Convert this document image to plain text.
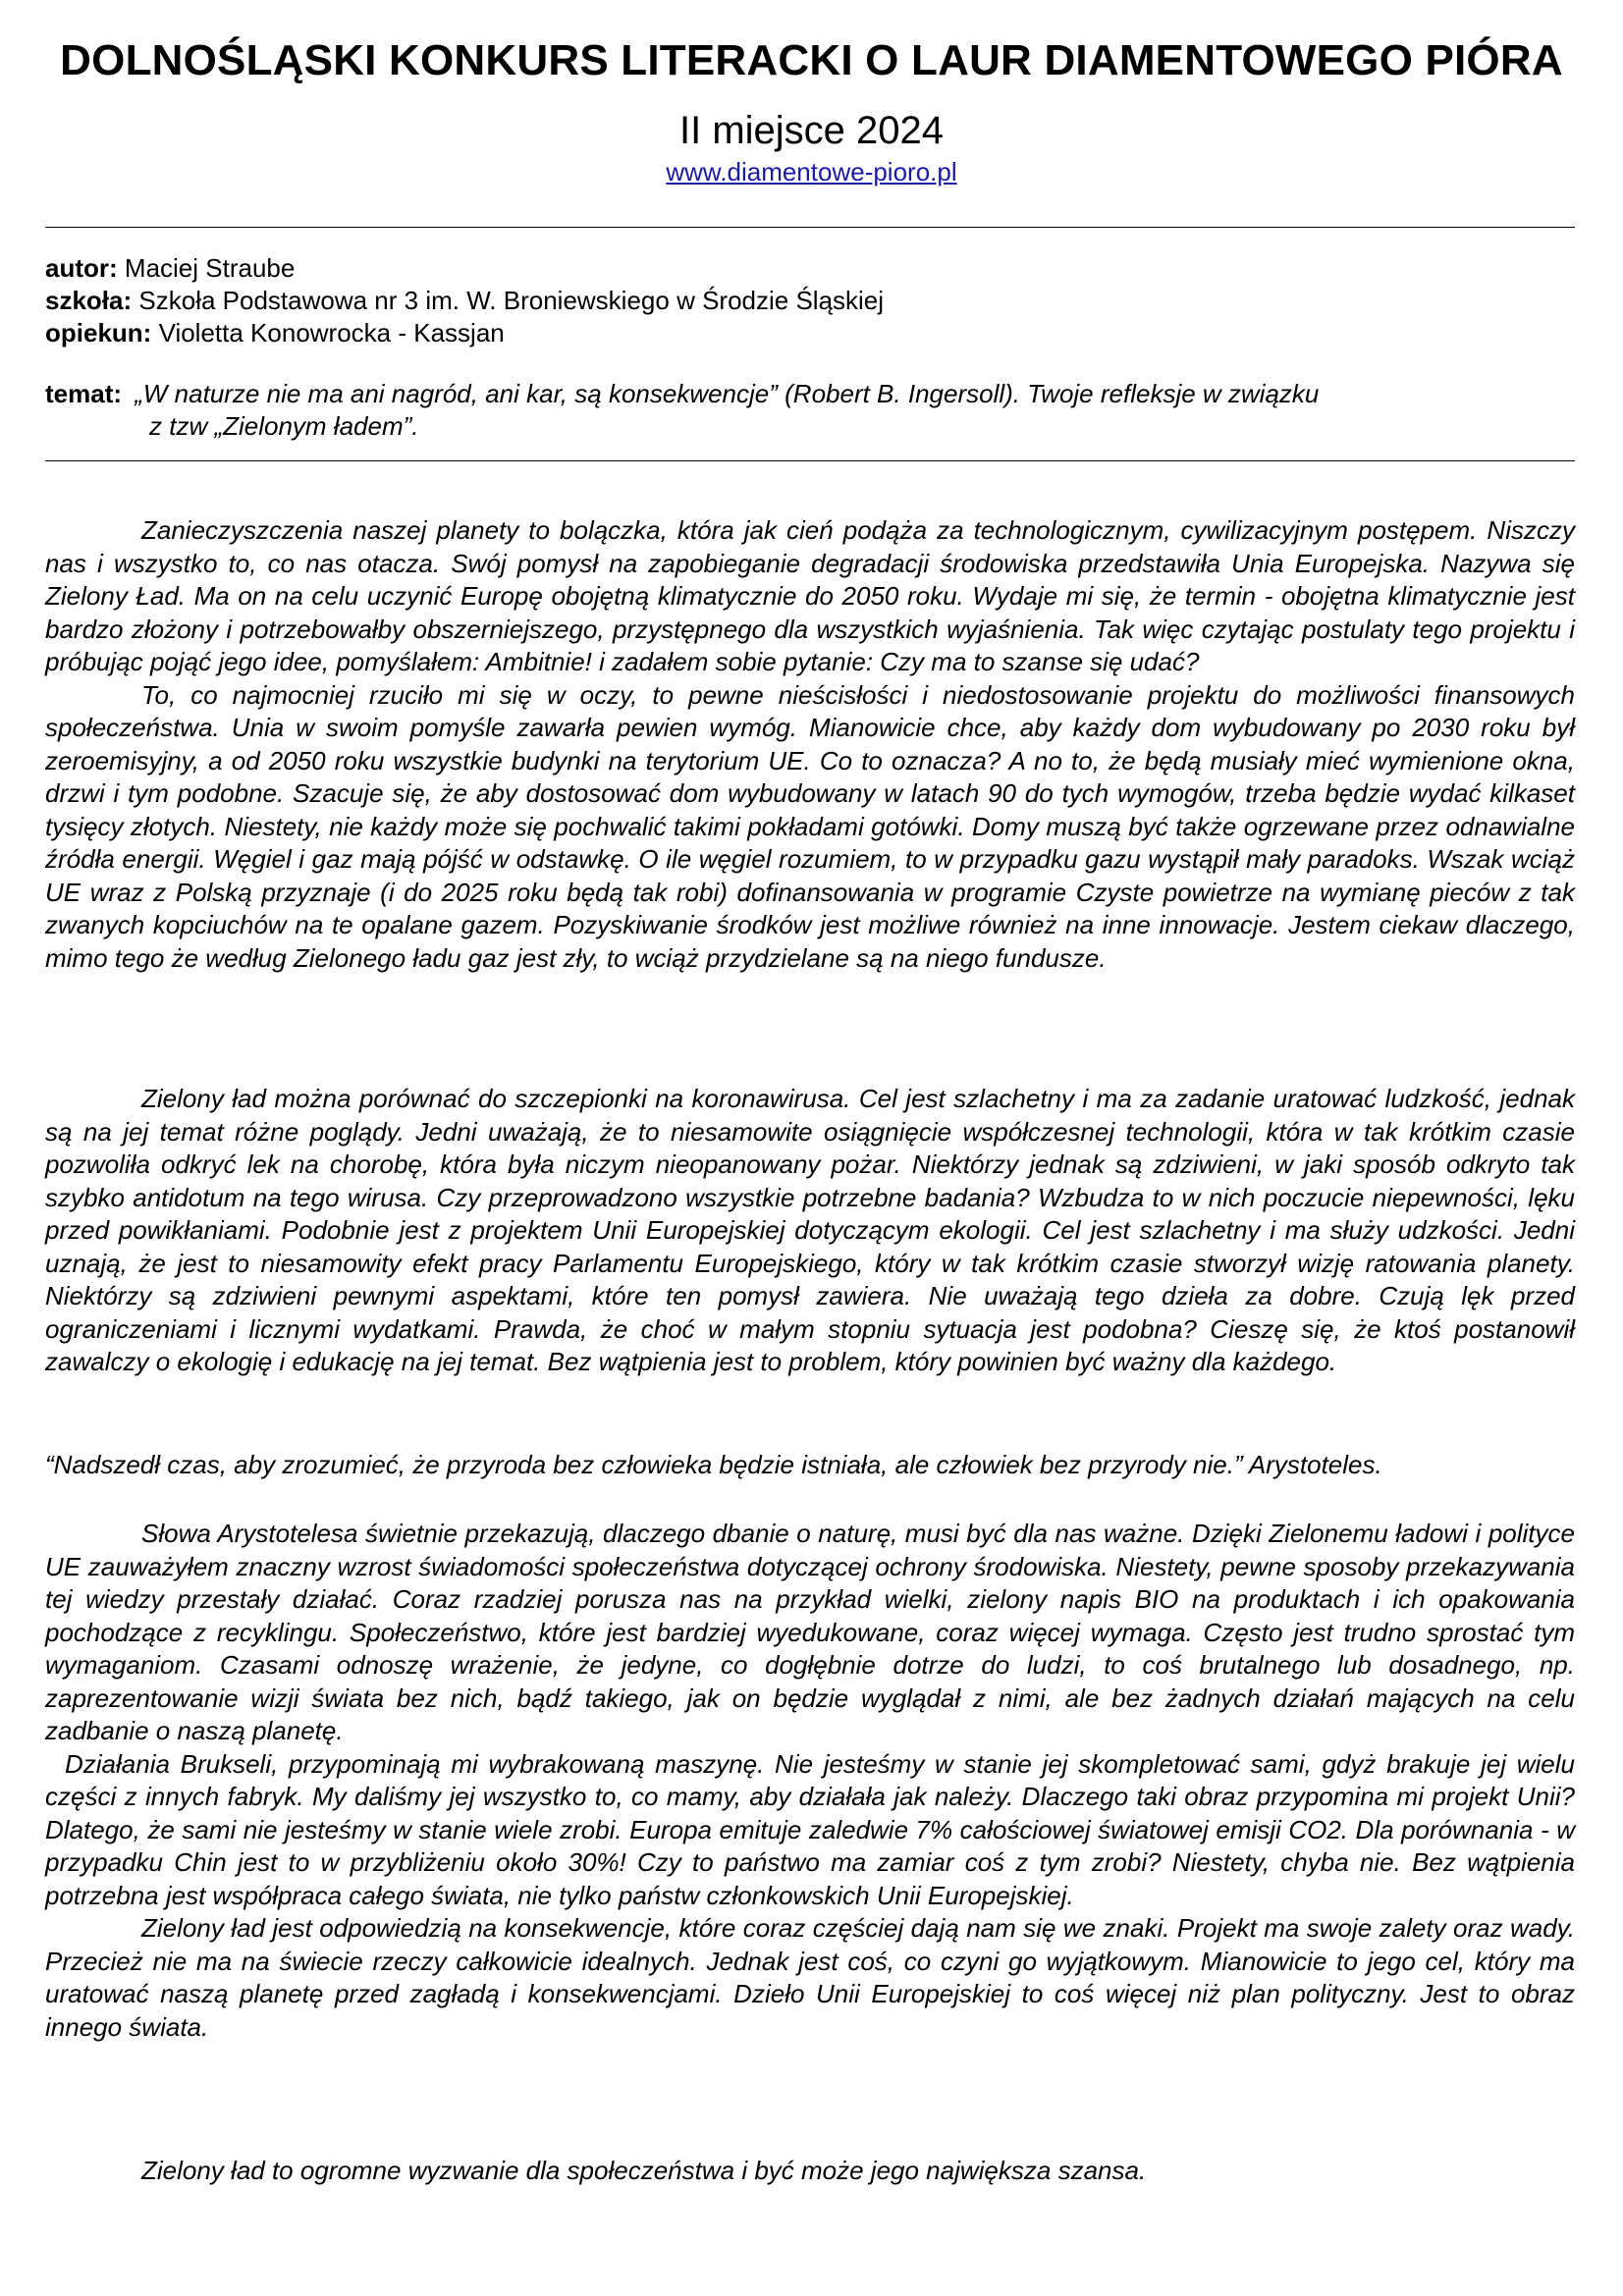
DOLNOŚLĄSKI KONKURS LITERACKI O LAUR DIAMENTOWEGO PIÓRA
II miejsce 2024
www.diamentowe-pioro.pl
autor: Maciej Straube
szkoła: Szkoła Podstawowa nr 3 im. W. Broniewskiego w Środzie Śląskiej
opiekun: Violetta Konowrocka - Kassjan
temat: „W naturze nie ma ani nagród, ani kar, są konsekwencje” (Robert B. Ingersoll). Twoje refleksje w związku
z tzw „Zielonym ładem”.

Zanieczyszczenia naszej planety to bolączka, która jak cień podąża za technologicznym, cywilizacyjnym postępem. Niszczy nas i wszystko to, co nas otacza. Swój pomysł na zapobieganie degradacji środowiska przedstawiła Unia Europejska. Nazywa się Zielony Ład. Ma on na celu uczynić Europę obojętną klimatycznie do 2050 roku. Wydaje mi się, że termin - obojętna klimatycznie jest bardzo złożony i potrzebowałby obszerniejszego, przystępnego dla wszystkich wyjaśnienia. Tak więc czytając postulaty tego projektu i próbując pojąć jego idee, pomyślałem: Ambitnie! i zadałem sobie pytanie: Czy ma to szanse się udać?

To, co najmocniej rzuciło mi się w oczy, to pewne nieścisłości i niedostosowanie projektu do możliwości finansowych społeczeństwa. Unia w swoim pomyśle zawarła pewien wymóg. Mianowicie chce, aby każdy dom wybudowany po 2030 roku był zeroemisyjny, a od 2050 roku wszystkie budynki na terytorium UE. Co to oznacza? A no to, że będą musiały mieć wymienione okna, drzwi i tym podobne. Szacuje się, że aby dostosować dom wybudowany w latach 90 do tych wymogów, trzeba będzie wydać kilkaset tysięcy złotych. Niestety, nie każdy może się pochwalić takimi pokładami gotówki. Domy muszą być także ogrzewane przez odnawialne źródła energii. Węgiel i gaz mają pójść w odstawkę. O ile węgiel rozumiem, to w przypadku gazu wystąpił mały paradoks. Wszak wciąż UE wraz z Polską przyznaje (i do 2025 roku będą tak robi) dofinansowania w programie Czyste powietrze na wymianę pieców z tak zwanych kopciuchów na te opalane gazem. Pozyskiwanie środków jest możliwe również na inne innowacje. Jestem ciekaw dlaczego, mimo tego że według Zielonego ładu gaz jest zły, to wciąż przydzielane są na niego fundusze.

Zielony ład można porównać do szczepionki na koronawirusa. Cel jest szlachetny i ma za zadanie uratować ludzkość, jednak są na jej temat różne poglądy. Jedni uważają, że to niesamowite osiągnięcie współczesnej technologii, która w tak krótkim czasie pozwoliła odkryć lek na chorobę, która była niczym nieopanowany pożar. Niektórzy jednak są zdziwieni, w jaki sposób odkryto tak szybko antidotum na tego wirusa. Czy przeprowadzono wszystkie potrzebne badania? Wzbudza to w nich poczucie niepewności, lęku przed powikłaniami. Podobnie jest z projektem Unii Europejskiej dotyczącym ekologii. Cel jest szlachetny i ma służy udzkości. Jedni uznają, że jest to niesamowity efekt pracy Parlamentu Europejskiego, który w tak krótkim czasie stworzył wizję ratowania planety. Niektórzy są zdziwieni pewnymi aspektami, które ten pomysł zawiera. Nie uważają tego dzieła za dobre. Czują lęk przed ograniczeniami i licznymi wydatkami. Prawda, że choć w małym stopniu sytuacja jest podobna? Cieszę się, że ktoś postanowił zawalczy o ekologię i edukację na jej temat. Bez wątpienia jest to problem, który powinien być ważny dla każdego.

“Nadszedł czas, aby zrozumieć, że przyroda bez człowieka będzie istniała, ale człowiek bez przyrody nie.” Arystoteles.

Słowa Arystotelesa świetnie przekazują, dlaczego dbanie o naturę, musi być dla nas ważne. Dzięki Zielonemu ładowi i polityce UE zauważyłem znaczny wzrost świadomości społeczeństwa dotyczącej ochrony środowiska. Niestety, pewne sposoby przekazywania tej wiedzy przestały działać. Coraz rzadziej porusza nas na przykład wielki, zielony napis BIO na produktach i ich opakowania pochodzące z recyklingu. Społeczeństwo, które jest bardziej wyedukowane, coraz więcej wymaga. Często jest trudno sprostać tym wymaganiom. Czasami odnoszę wrażenie, że jedyne, co dogłębnie dotrze do ludzi, to coś brutalnego lub dosadnego, np. zaprezentowanie wizji świata bez nich, bądź takiego, jak on będzie wyglądał z nimi, ale bez żadnych działań mających na celu zadbanie o naszą planetę.

Działania Brukseli, przypominają mi wybrakowaną maszynę. Nie jesteśmy w stanie jej skompletować sami, gdyż brakuje jej wielu części z innych fabryk. My daliśmy jej wszystko to, co mamy, aby działała jak należy. Dlaczego taki obraz przypomina mi projekt Unii? Dlatego, że sami nie jesteśmy w stanie wiele zrobi. Europa emituje zaledwie 7% całościowej światowej emisji CO2. Dla porównania - w przypadku Chin jest to w przybliżeniu około 30%! Czy to państwo ma zamiar coś z tym zrobi? Niestety, chyba nie. Bez wątpienia potrzebna jest współpraca całego świata, nie tylko państw członkowskich Unii Europejskiej.

Zielony ład jest odpowiedzią na konsekwencje, które coraz częściej dają nam się we znaki. Projekt ma swoje zalety oraz wady. Przecież nie ma na świecie rzeczy całkowicie idealnych. Jednak jest coś, co czyni go wyjątkowym. Mianowicie to jego cel, który ma uratować naszą planetę przed zagładą i konsekwencjami. Dzieło Unii Europejskiej to coś więcej niż plan polityczny. Jest to obraz innego świata.

Zielony ład to ogromne wyzwanie dla społeczeństwa i być może jego największa szansa.
